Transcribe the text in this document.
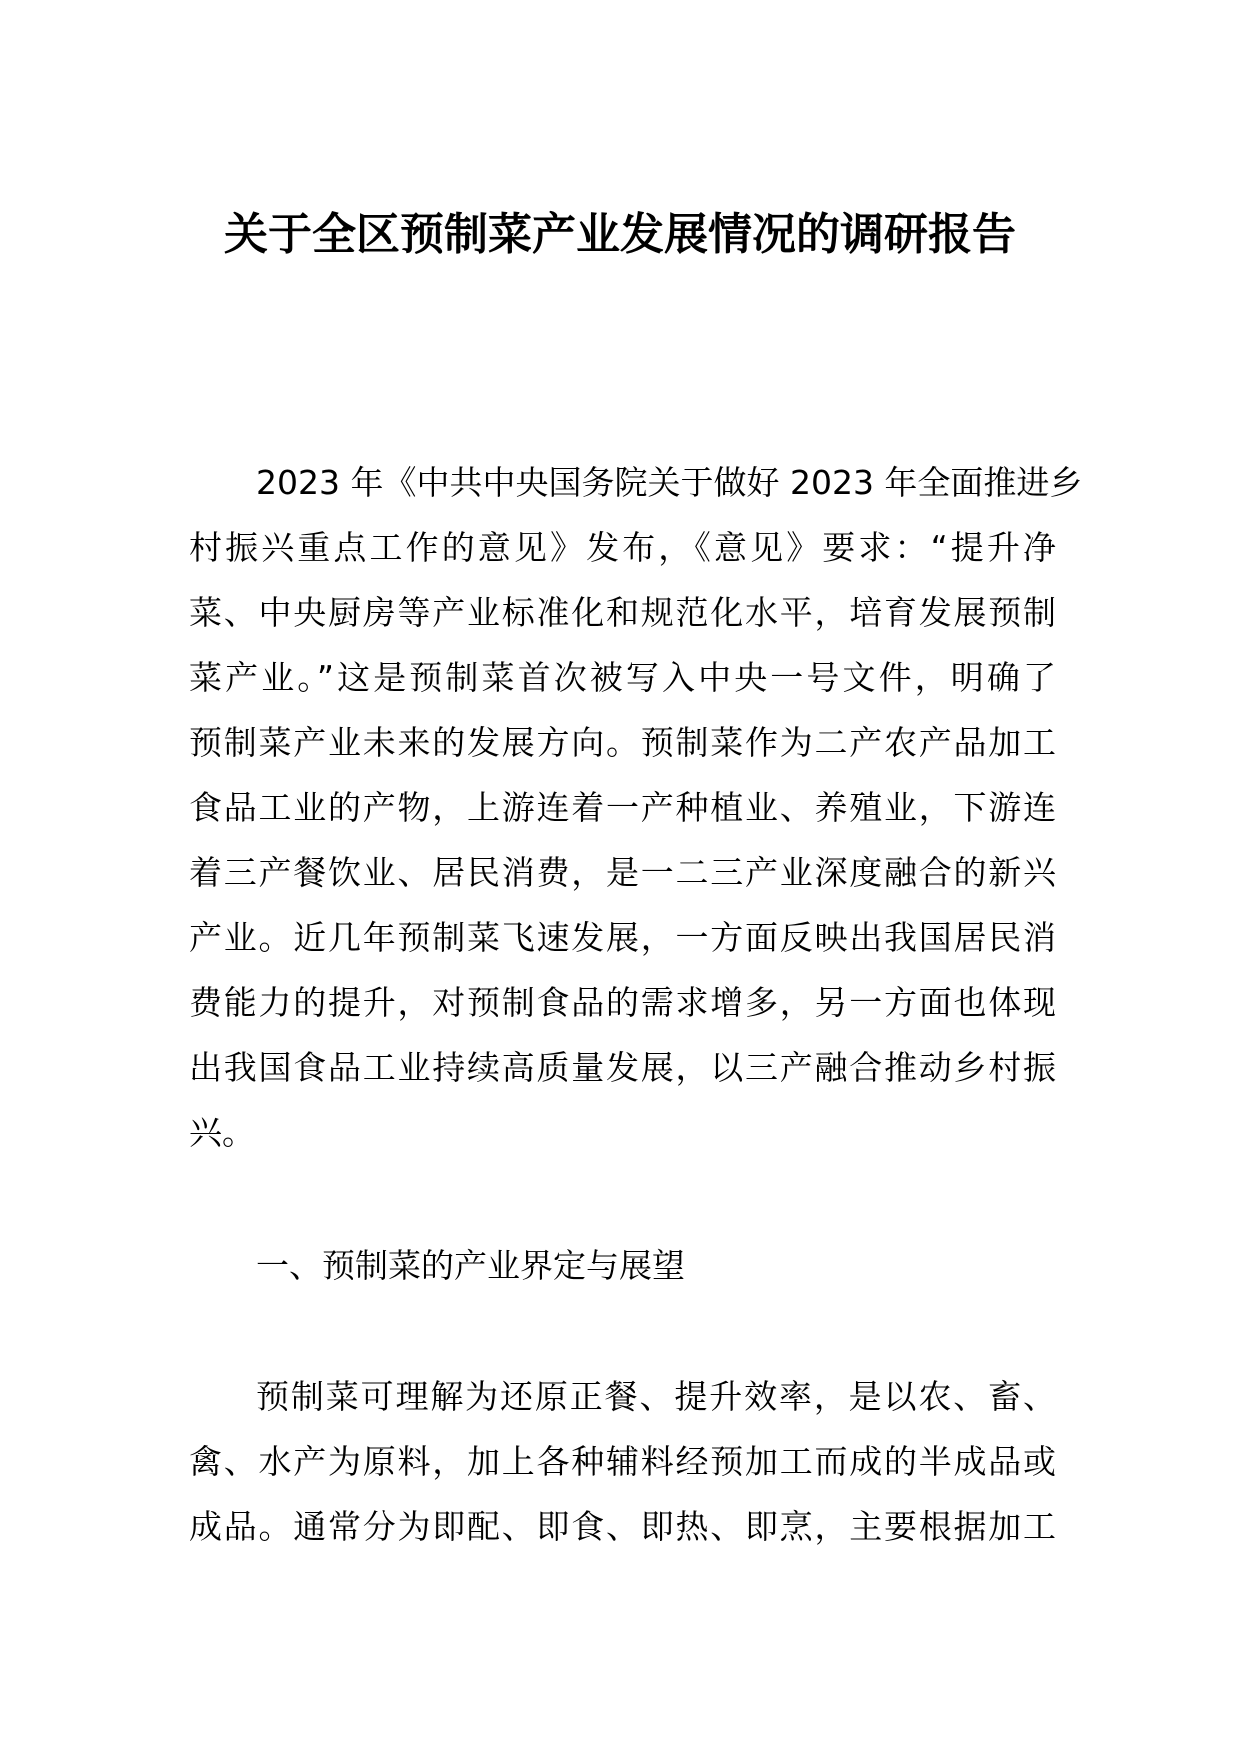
关于全区预制菜产业发展情况的调研报告
2023 年《中共中央国务院关于做好 2023 年全面推进乡
村振兴重点工作的意见》发布，《意见》要求：“提升净
菜、中央厨房等产业标准化和规范化水平，培育发展预制
菜产业。”这是预制菜首次被写入中央一号文件，明确了
预制菜产业未来的发展方向。预制菜作为二产农产品加工
食品工业的产物，上游连着一产种植业、养殖业，下游连
着三产餐饮业、居民消费，是一二三产业深度融合的新兴
产业。近几年预制菜飞速发展，一方面反映出我国居民消
费能力的提升，对预制食品的需求增多，另一方面也体现
出我国食品工业持续高质量发展，以三产融合推动乡村振
兴。
一、预制菜的产业界定与展望
预制菜可理解为还原正餐、提升效率，是以农、畜、
禽、水产为原料，加上各种辅料经预加工而成的半成品或
成品。通常分为即配、即食、即热、即烹，主要根据加工
